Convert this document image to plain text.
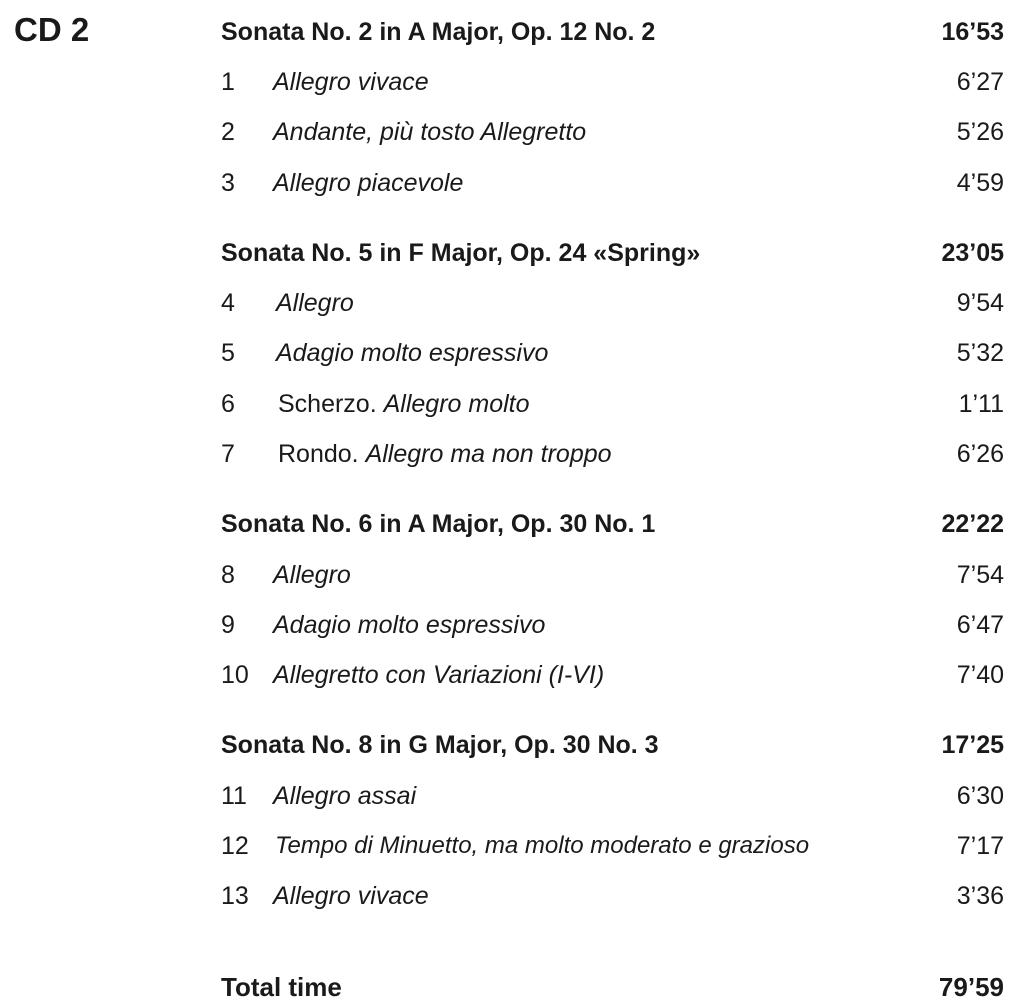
CD 2	Sonata No. 2 in A Major, Op. 12 No. 2	16’53
1 Allegro vivace	6’27
2 Andante, più tosto Allegretto	5’26
3 Allegro piacevole	4’59
Sonata No. 5 in F Major, Op. 24 «Spring»	23’05
4 Allegro	9’54
5 Adagio molto espressivo	5’32
6 Scherzo. Allegro molto	1’11
7 Rondo. Allegro ma non troppo	6’26
Sonata No. 6 in A Major, Op. 30 No. 1	22’22
8 Allegro	7’54
9 Adagio molto espressivo	6’47
10 Allegretto con Variazioni (I-VI)	7’40
Sonata No. 8 in G Major, Op. 30 No. 3	17’25
11 Allegro assai	6’30
12 Tempo di Minuetto, ma molto moderato e grazioso	7’17
13 Allegro vivace	3’36
Total time	79’59
